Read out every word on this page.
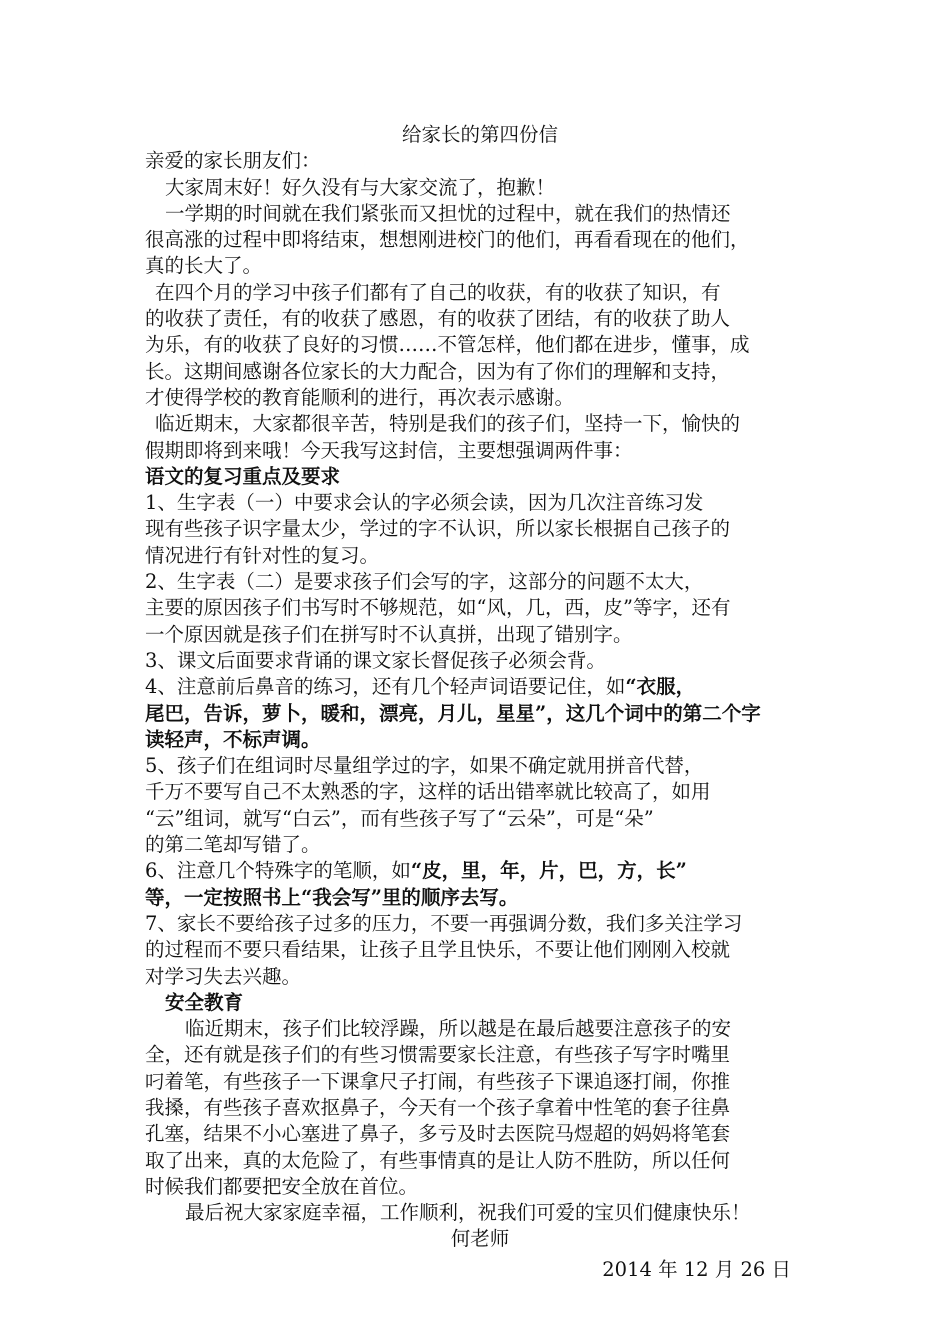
给家长的第四份信

亲爱的家长朋友们：

大家周末好！好久没有与大家交流了，抱歉！

一学期的时间就在我们紧张而又担忧的过程中，就在我们的热情还

很高涨的过程中即将结束，想想刚进校门的他们，再看看现在的他们，

真的长大了。

在四个月的学习中孩子们都有了自己的收获，有的收获了知识，有

的收获了责任，有的收获了感恩，有的收获了团结，有的收获了助人

为乐，有的收获了良好的习惯……不管怎样，他们都在进步，懂事，成

长。这期间感谢各位家长的大力配合，因为有了你们的理解和支持，

才使得学校的教育能顺利的进行，再次表示感谢。

临近期末，大家都很辛苦，特别是我们的孩子们，坚持一下，愉快的

假期即将到来哦！今天我写这封信，主要想强调两件事：

语文的复习重点及要求

1、生字表（一）中要求会认的字必须会读，因为几次注音练习发

现有些孩子识字量太少，学过的字不认识，所以家长根据自己孩子的

情况进行有针对性的复习。

2、生字表（二）是要求孩子们会写的字，这部分的问题不太大，

主要的原因孩子们书写时不够规范，如“风，几，西，皮”等字，还有

一个原因就是孩子们在拼写时不认真拼，出现了错别字。

3、课文后面要求背诵的课文家长督促孩子必须会背。

4、注意前后鼻音的练习，还有几个轻声词语要记住，如“衣服，

尾巴，告诉，萝卜，暖和，漂亮，月儿，星星”，这几个词中的第二个字

读轻声，不标声调。

5、孩子们在组词时尽量组学过的字，如果不确定就用拼音代替，

千万不要写自己不太熟悉的字，这样的话出错率就比较高了，如用

“云”组词，就写“白云”，而有些孩子写了“云朵”，可是“朵”

的第二笔却写错了。

6、注意几个特殊字的笔顺，如“皮，里，年，片，巴，方，长”

等，一定按照书上“我会写”里的顺序去写。

7、家长不要给孩子过多的压力，不要一再强调分数，我们多关注学习

的过程而不要只看结果，让孩子且学且快乐，不要让他们刚刚入校就

对学习失去兴趣。

安全教育

临近期末，孩子们比较浮躁，所以越是在最后越要注意孩子的安

全，还有就是孩子们的有些习惯需要家长注意，有些孩子写字时嘴里

叼着笔，有些孩子一下课拿尺子打闹，有些孩子下课追逐打闹，你推

我搡，有些孩子喜欢抠鼻子，今天有一个孩子拿着中性笔的套子往鼻

孔塞，结果不小心塞进了鼻子，多亏及时去医院马煜超的妈妈将笔套

取了出来，真的太危险了，有些事情真的是让人防不胜防，所以任何

时候我们都要把安全放在首位。

最后祝大家家庭幸福，工作顺利，祝我们可爱的宝贝们健康快乐！

何老师

2014 年 12 月 26 日
